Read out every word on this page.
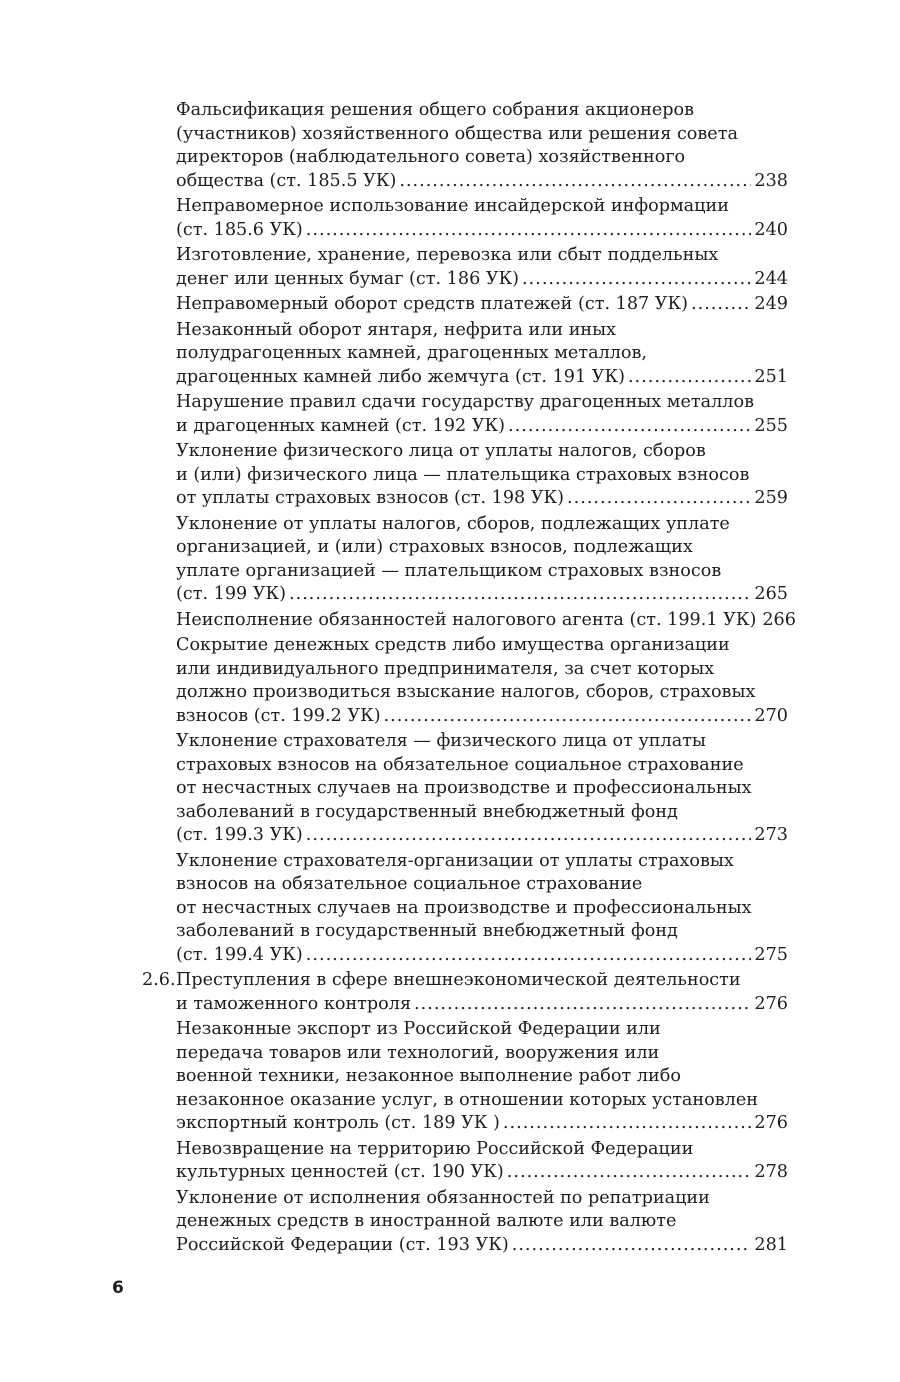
Фальсификация решения общего собрания акционеров
(участников) хозяйственного общества или решения совета
директоров (наблюдательного совета) хозяйственного
общества (ст. 185.5 УК) .....	238
Неправомерное использование инсайдерской информации
(ст. 185.6 УК) .....	240
Изготовление, хранение, перевозка или сбыт поддельных
денег или ценных бумаг (ст. 186 УК) .....	244
Неправомерный оборот средств платежей (ст. 187 УК) .....	249
Незаконный оборот янтаря, нефрита или иных
полудрагоценных камней, драгоценных металлов,
драгоценных камней либо жемчуга (ст. 191 УК) .....	251
Нарушение правил сдачи государству драгоценных металлов
и драгоценных камней (ст. 192 УК) .....	255
Уклонение физического лица от уплаты налогов, сборов
и (или) физического лица — плательщика страховых взносов
от уплаты страховых взносов (ст. 198 УК) .....	259
Уклонение от уплаты налогов, сборов, подлежащих уплате
организацией, и (или) страховых взносов, подлежащих
уплате организацией — плательщиком страховых взносов
(ст. 199 УК) .....	265
Неисполнение обязанностей налогового агента (ст. 199.1 УК) 266
Сокрытие денежных средств либо имущества организации
или индивидуального предпринимателя, за счет которых
должно производиться взыскание налогов, сборов, страховых
взносов (ст. 199.2 УК) .....	270
Уклонение страхователя — физического лица от уплаты
страховых взносов на обязательное социальное страхование
от несчастных случаев на производстве и профессиональных
заболеваний в государственный внебюджетный фонд
(ст. 199.3 УК) .....	273
Уклонение страхователя-организации от уплаты страховых
взносов на обязательное социальное страхование
от несчастных случаев на производстве и профессиональных
заболеваний в государственный внебюджетный фонд
(ст. 199.4 УК) .....	275
2.6.Преступления в сфере внешнеэкономической деятельности
и таможенного контроля .....	276
Незаконные экспорт из Российской Федерации или
передача товаров или технологий, вооружения или
военной техники, незаконное выполнение работ либо
незаконное оказание услуг, в отношении которых установлен
экспортный контроль (ст. 189 УК ) .....	276
Невозвращение на территорию Российской Федерации
культурных ценностей (ст. 190 УК) .....	278
Уклонение от исполнения обязанностей по репатриации
денежных средств в иностранной валюте или валюте
Российской Федерации (ст. 193 УК) .....	281
6
